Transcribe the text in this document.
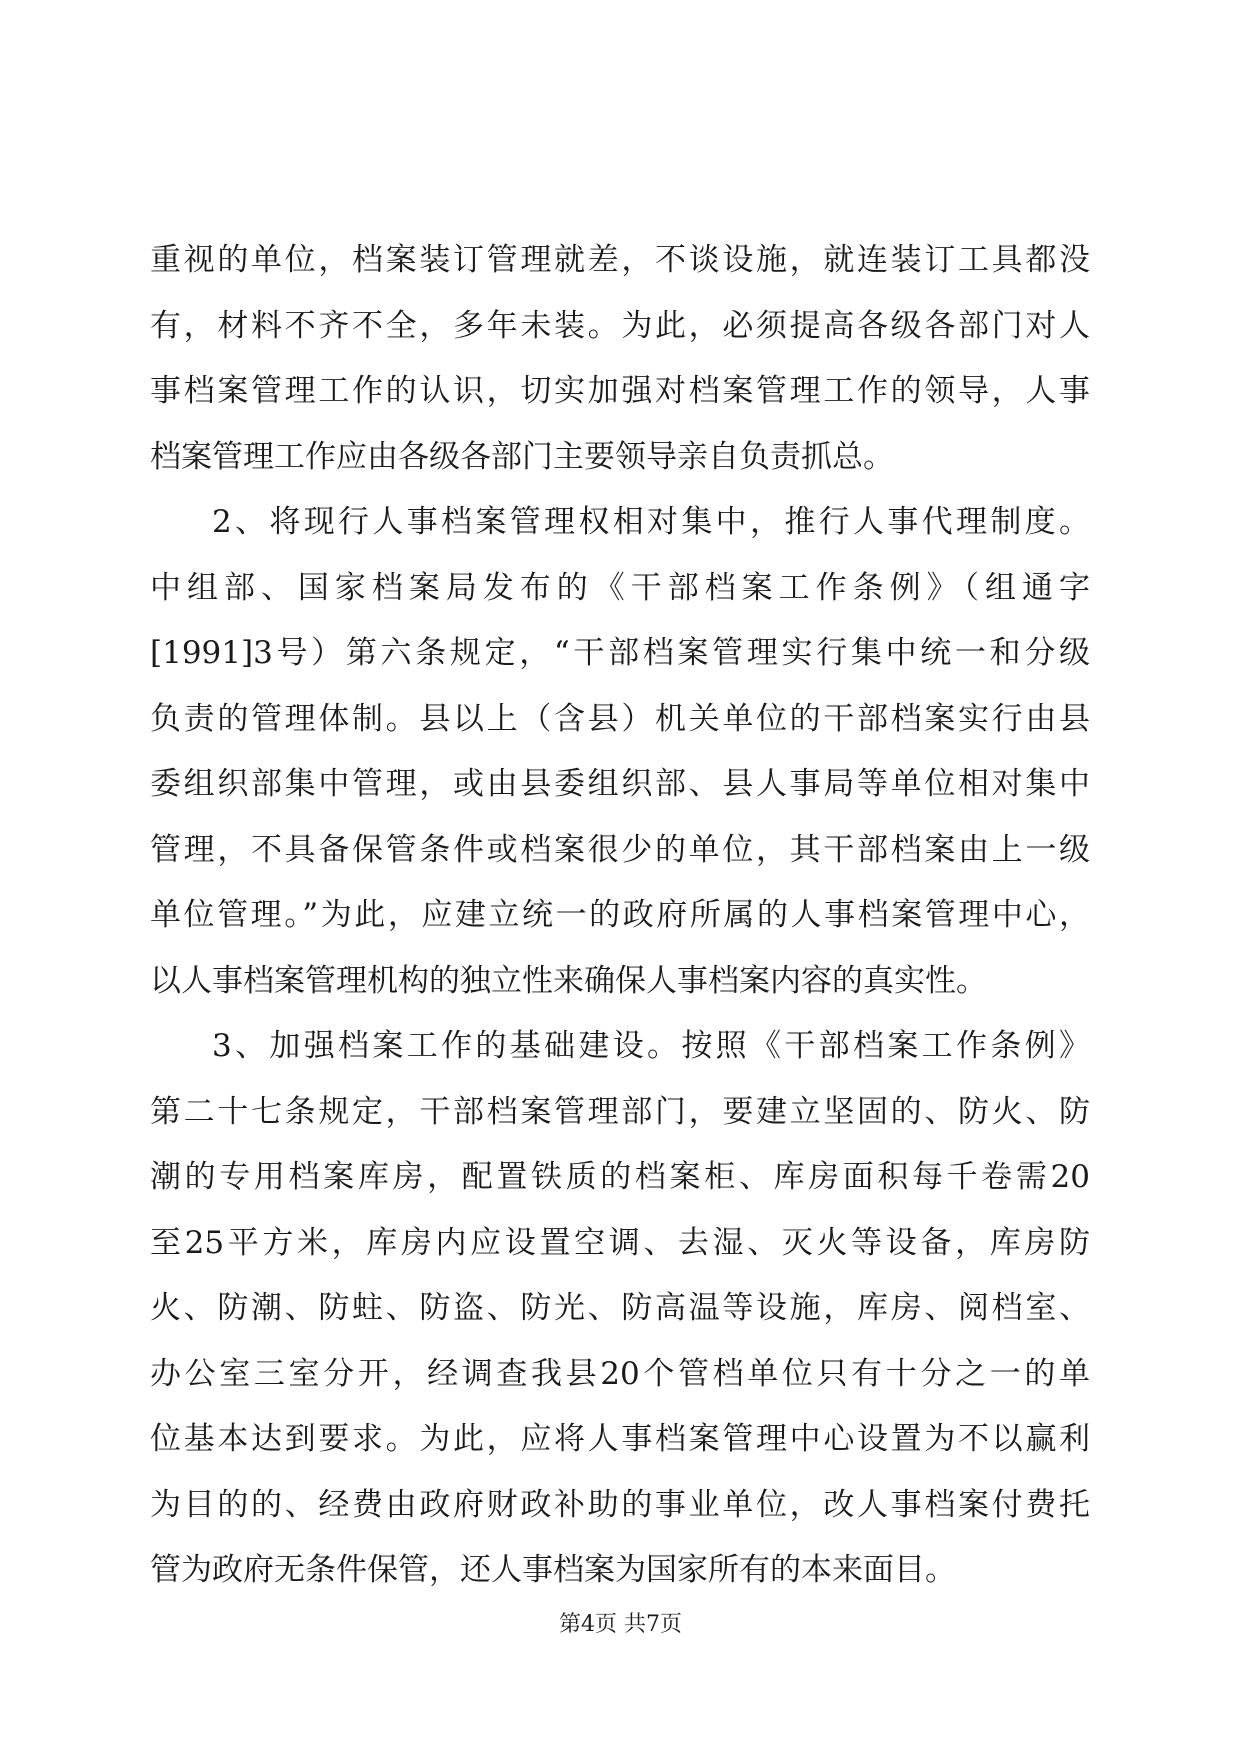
重视的单位，档案装订管理就差，不谈设施，就连装订工具都没
有，材料不齐不全，多年未装。为此，必须提高各级各部门对人
事档案管理工作的认识，切实加强对档案管理工作的领导，人事
档案管理工作应由各级各部门主要领导亲自负责抓总。
2、将现行人事档案管理权相对集中，推行人事代理制度。
中组部、国家档案局发布的《干部档案工作条例》（组通字
[1991]3号）第六条规定，“干部档案管理实行集中统一和分级
负责的管理体制。县以上（含县）机关单位的干部档案实行由县
委组织部集中管理，或由县委组织部、县人事局等单位相对集中
管理，不具备保管条件或档案很少的单位，其干部档案由上一级
单位管理。”为此，应建立统一的政府所属的人事档案管理中心，
以人事档案管理机构的独立性来确保人事档案内容的真实性。
3、加强档案工作的基础建设。按照《干部档案工作条例》
第二十七条规定，干部档案管理部门，要建立坚固的、防火、防
潮的专用档案库房，配置铁质的档案柜、库房面积每千卷需20
至25平方米，库房内应设置空调、去湿、灭火等设备，库房防
火、防潮、防蛀、防盗、防光、防高温等设施，库房、阅档室、
办公室三室分开，经调查我县20个管档单位只有十分之一的单
位基本达到要求。为此，应将人事档案管理中心设置为不以赢利
为目的的、经费由政府财政补助的事业单位，改人事档案付费托
管为政府无条件保管，还人事档案为国家所有的本来面目。
第4页 共7页
